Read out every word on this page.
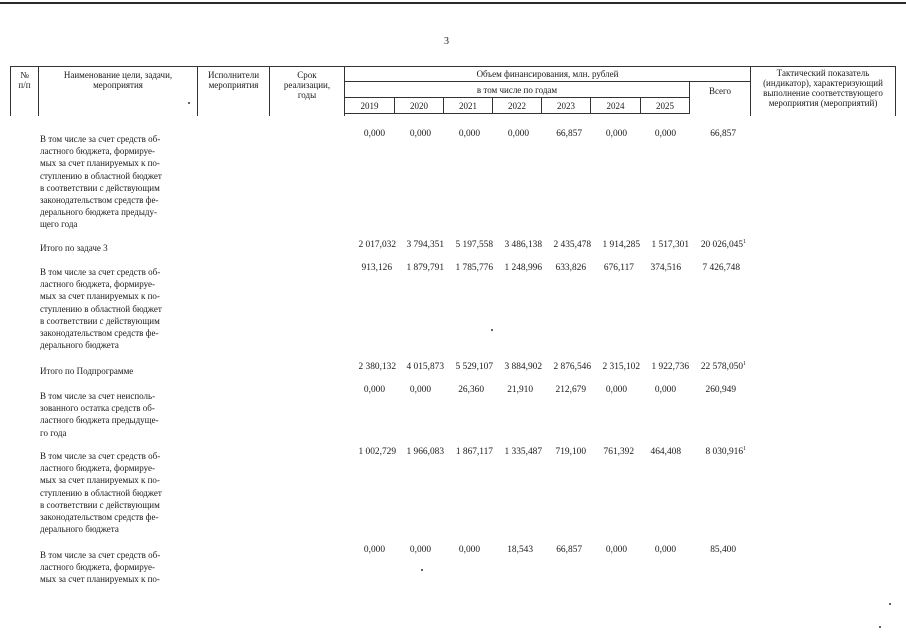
3
№
п/п
Наименование цели, задачи,
мероприятия
Исполнители
мероприятия
Срок
реализации,
годы
Объем финансирования, млн. рублей
в том числе по годам
2019	2020	2021	2022	2023	2024	2025
Всего
Тактический показатель
(индикатор), характеризующий
выполнение соответствующего
мероприятия (мероприятий)
В том числе за счет средств об-
ластного бюджета, формируе-
мых за счет планируемых к по-
ступлению в областной бюджет
в соответствии с действующим
законодательством средств фе-
дерального бюджета предыду-
щего года
0,000	0,000	0,000	0,000	66,857	0,000	0,000	66,857
Итого по задаче 3	2 017,032	3 794,351	5 197,558	3 486,138	2 435,478	1 914,285	1 517,301	20 026,045$^1$
В том числе за счет средств об-
ластного бюджета, формируе-
мых за счет планируемых к по-
ступлению в областной бюджет
в соответствии с действующим
законодательством средств фе-
дерального бюджета
913,126	1 879,791	1 785,776	1 248,996	633,826	676,117	374,516	7 426,748
Итого по Подпрограмме	2 380,132	4 015,873	5 529,107	3 884,902	2 876,546	2 315,102	1 922,736	22 578,050$^1$
В том числе за счет неисполь-
зованного остатка средств об-
ластного бюджета предыдуще-
го года
0,000	0,000	26,360	21,910	212,679	0,000	0,000	260,949
В том числе за счет средств об-
ластного бюджета, формируе-
мых за счет планируемых к по-
ступлению в областной бюджет
в соответствии с действующим
законодательством средств фе-
дерального бюджета
1 002,729	1 966,083	1 867,117	1 335,487	719,100	761,392	464,408	8 030,916$^1$
В том числе за счет средств об-
ластного бюджета, формируе-
мых за счет планируемых к по-
0,000	0,000	0,000	18,543	66,857	0,000	0,000	85,400
